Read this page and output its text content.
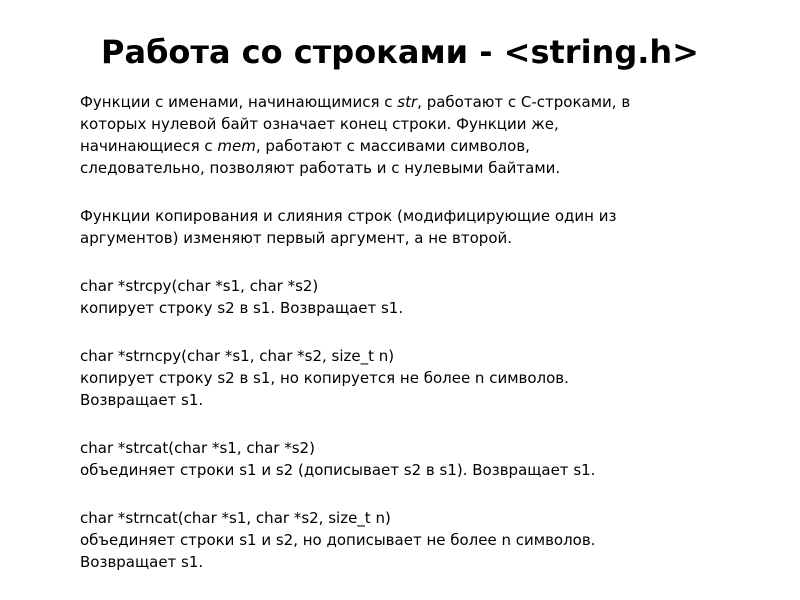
Работа со строками - <string.h>
Функции с именами, начинающимися с str, работают с С-строками, в
которых нулевой байт означает конец строки. Функции же,
начинающиеся с mem, работают с массивами символов,
следовательно, позволяют работать и с нулевыми байтами.
Функции копирования и слияния строк (модифицирующие один из
аргументов) изменяют первый аргумент, а не второй.
char *strcpy(char *s1, char *s2)
копирует строку s2 в s1. Возвращает s1.
char *strncpy(char *s1, char *s2, size_t n)
копирует строку s2 в s1, но копируется не более n символов.
Возвращает s1.
char *strcat(char *s1, char *s2)
объединяет строки s1 и s2 (дописывает s2 в s1). Возвращает s1.
char *strncat(char *s1, char *s2, size_t n)
объединяет строки s1 и s2, но дописывает не более n символов.
Возвращает s1.
